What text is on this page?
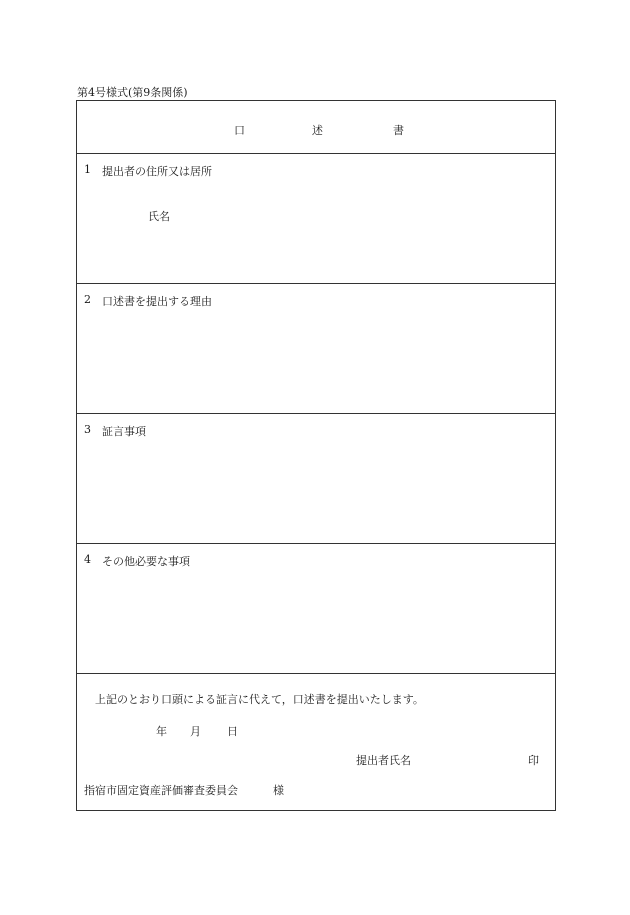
第4号様式(第9条関係)
口	述	書
1 提出者の住所又は居所
氏名
2 口述書を提出する理由
3 証言事項
4 その他必要な事項
上記のとおり口頭による証言に代えて，口述書を提出いたします。
年 月 日
提出者氏名	印
指宿市固定資産評価審査委員会	様
